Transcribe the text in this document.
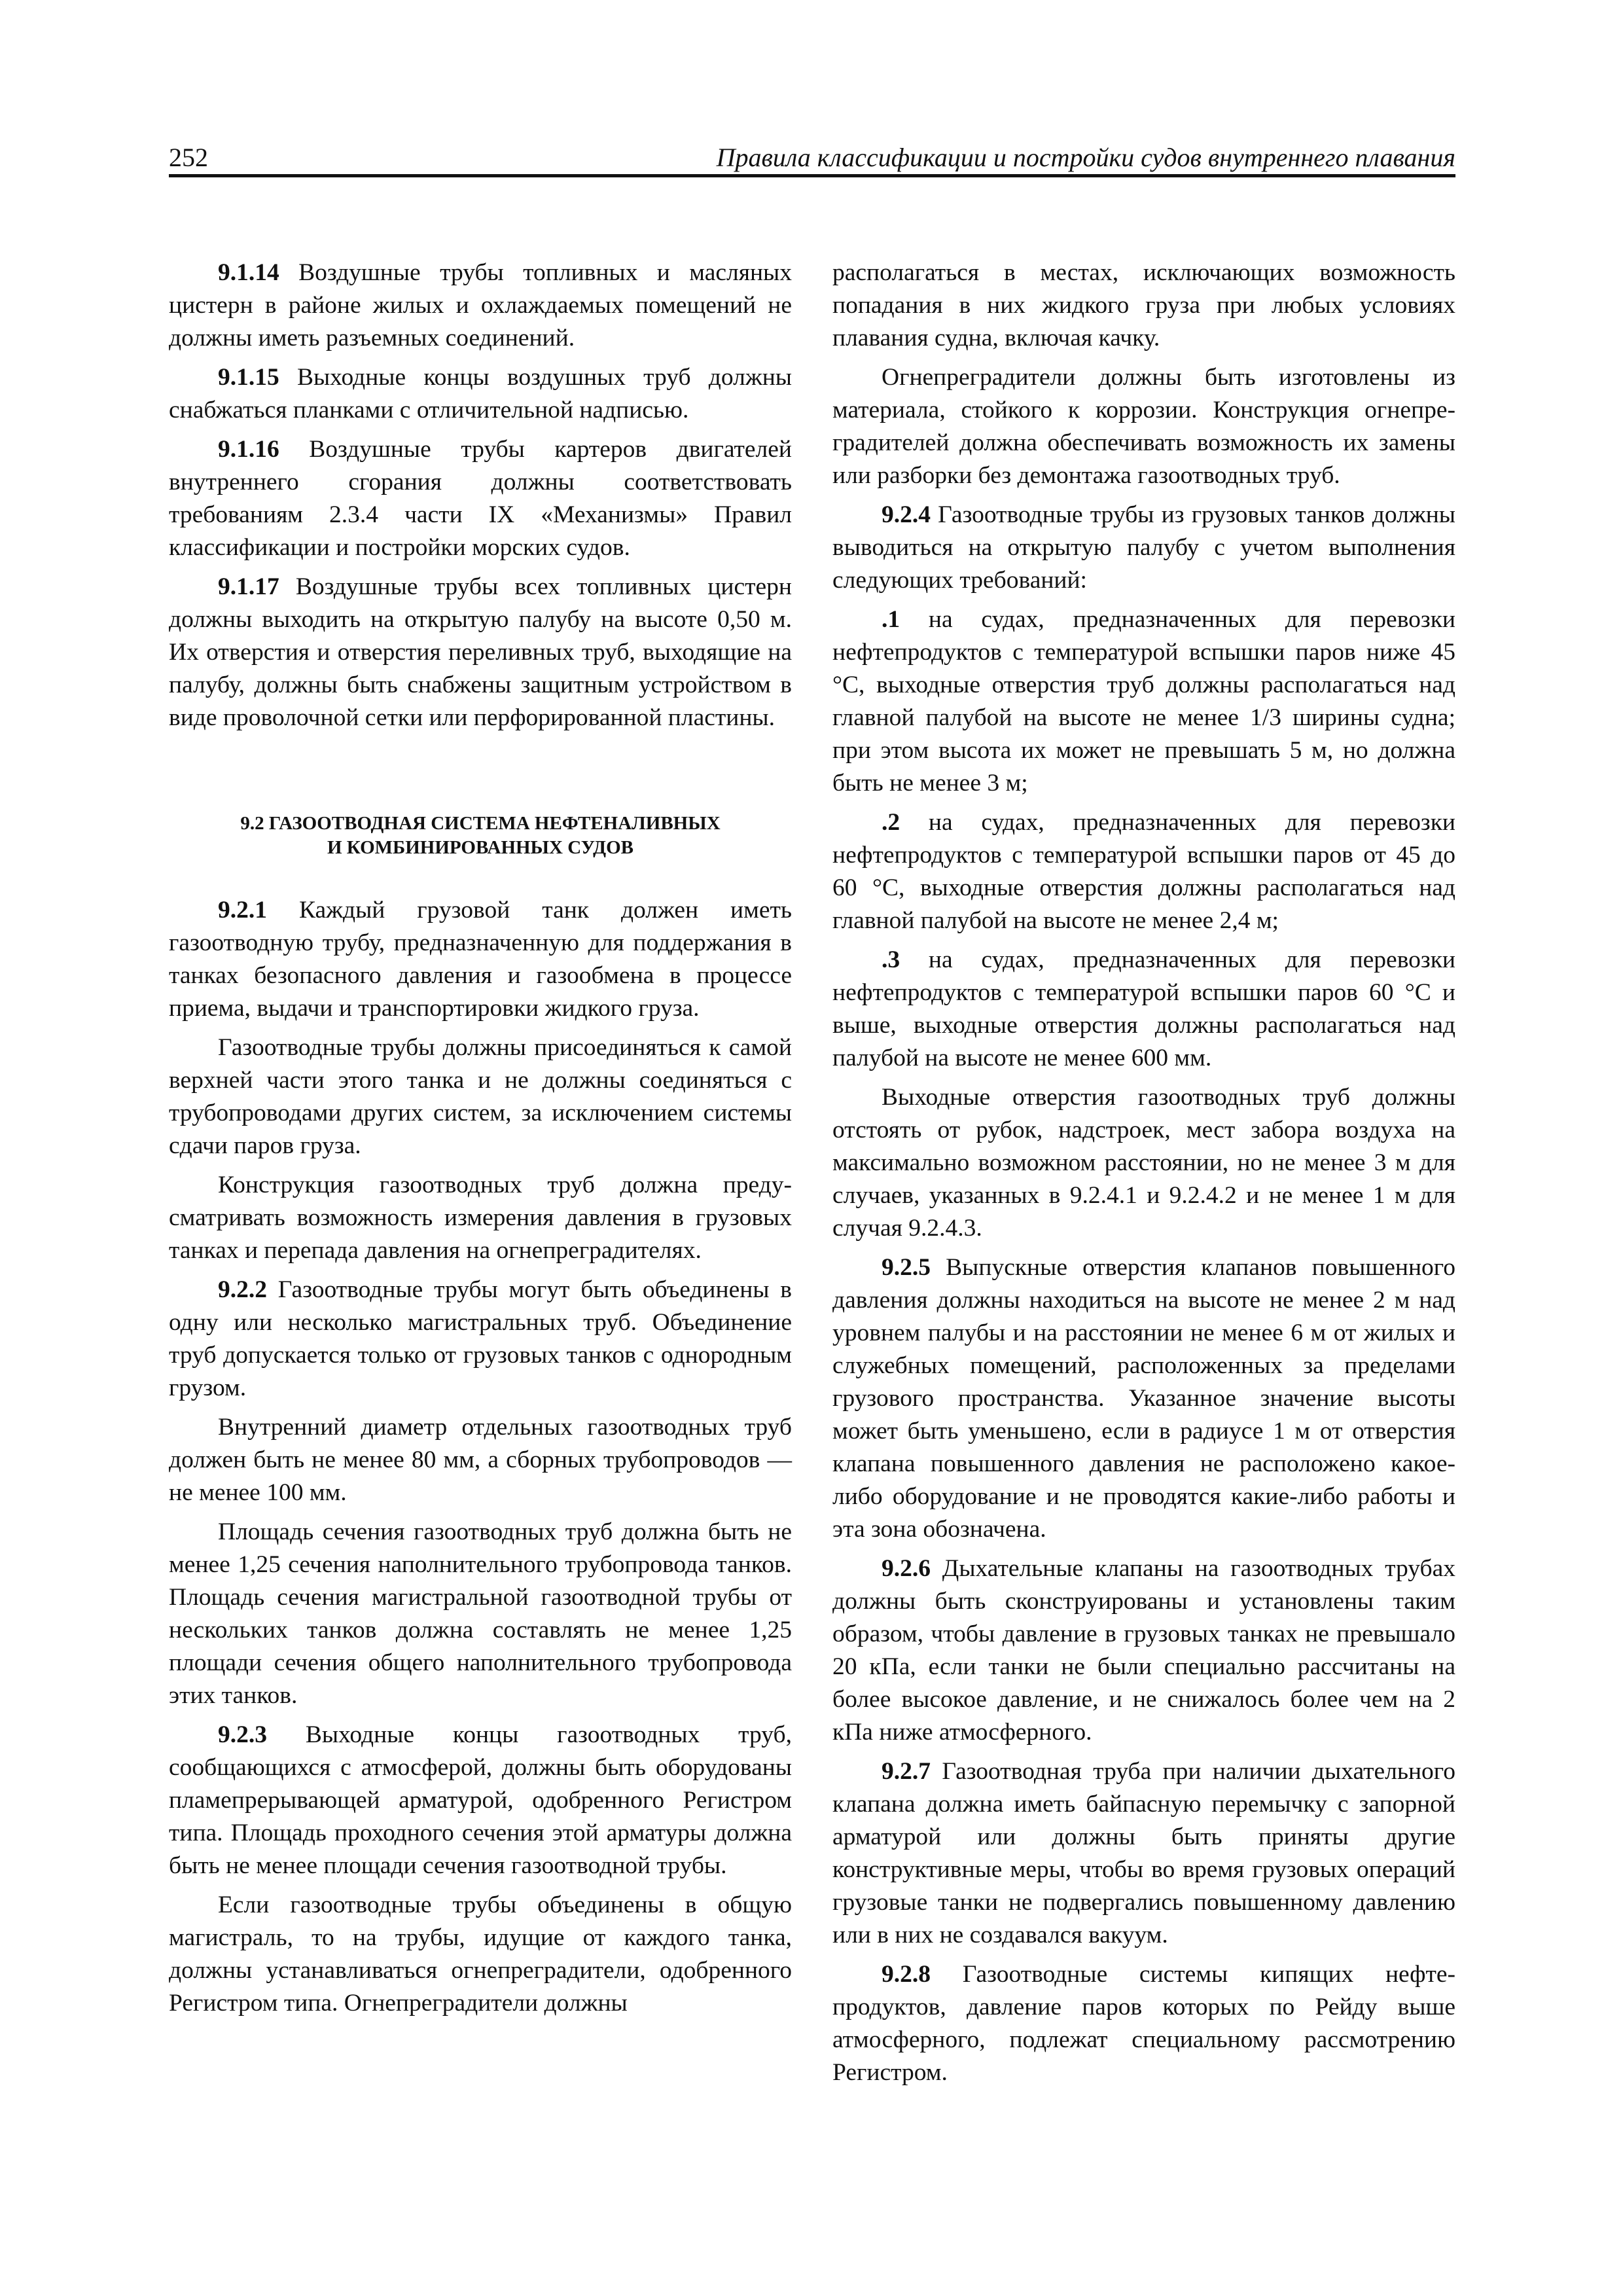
252	Правила классификации и постройки судов внутреннего плавания

9.1.14 Воздушные трубы топливных и масляных цистерн в районе жилых и охлаждаемых помещений не должны иметь разъемных соединений.

9.1.15 Выходные концы воздушных труб должны снабжаться планками с отличительной надписью.

9.1.16 Воздушные трубы картеров двигателей внутреннего сгорания должны соответствовать требованиям 2.3.4 части IX «Механизмы» Правил классификации и постройки морских судов.

9.1.17 Воздушные трубы всех топливных цистерн должны выходить на открытую палубу на высоте 0,50 м. Их отверстия и отверстия переливных труб, выходящие на палубу, должны быть снабжены защитным устройством в виде проволочной сетки или перфорированной пластины.

9.2 ГАЗООТВОДНАЯ СИСТЕМА НЕФТЕНАЛИВНЫХ
И КОМБИНИРОВАННЫХ СУДОВ

9.2.1 Каждый грузовой танк должен иметь газоотводную трубу, предназначенную для поддержания в танках безопасного давления и газообмена в процессе приема, выдачи и транспортировки жидкого груза.

Газоотводные трубы должны присоединяться к самой верхней части этого танка и не должны соединяться с трубопроводами других систем, за исключением системы сдачи паров груза.

Конструкция газоотводных труб должна предусматривать возможность измерения давления в грузовых танках и перепада давления на огнепреградителях.

9.2.2 Газоотводные трубы могут быть объединены в одну или несколько магистральных труб. Объединение труб допускается только от грузовых танков с однородным грузом.

Внутренний диаметр отдельных газоотводных труб должен быть не менее 80 мм, а сборных трубопроводов — не менее 100 мм.

Площадь сечения газоотводных труб должна быть не менее 1,25 сечения наполнительного трубопровода танков. Площадь сечения магистральной газоотводной трубы от нескольких танков должна составлять не менее 1,25 площади сечения общего наполнительного трубопровода этих танков.

9.2.3 Выходные концы газоотводных труб, сообщающихся с атмосферой, должны быть оборудованы пламепрерывающей арматурой, одобренного Регистром типа. Площадь проходного сечения этой арматуры должна быть не менее площади сечения газоотводной трубы.

Если газоотводные трубы объединены в общую магистраль, то на трубы, идущие от каждого танка, должны устанавливаться огнепреградители, одобренного Регистром типа. Огнепреградители должны

располагаться в местах, исключающих возможность попадания в них жидкого груза при любых условиях плавания судна, включая качку.

Огнепреградители должны быть изготовлены из материала, стойкого к коррозии. Конструкция огнепреградителей должна обеспечивать возможность их замены или разборки без демонтажа газоотводных труб.

9.2.4 Газоотводные трубы из грузовых танков должны выводиться на открытую палубу с учетом выполнения следующих требований:

.1 на судах, предназначенных для перевозки нефтепродуктов с температурой вспышки паров ниже 45 °С, выходные отверстия труб должны располагаться над главной палубой на высоте не менее 1/3 ширины судна; при этом высота их может не превышать 5 м, но должна быть не менее 3 м;

.2 на судах, предназначенных для перевозки нефтепродуктов с температурой вспышки паров от 45 до 60 °С, выходные отверстия должны располагаться над главной палубой на высоте не менее 2,4 м;

.3 на судах, предназначенных для перевозки нефтепродуктов с температурой вспышки паров 60 °С и выше, выходные отверстия должны располагаться над палубой на высоте не менее 600 мм.

Выходные отверстия газоотводных труб должны отстоять от рубок, надстроек, мест забора воздуха на максимально возможном расстоянии, но не менее 3 м для случаев, указанных в 9.2.4.1 и 9.2.4.2 и не менее 1 м для случая 9.2.4.3.

9.2.5 Выпускные отверстия клапанов повышенного давления должны находиться на высоте не менее 2 м над уровнем палубы и на расстоянии не менее 6 м от жилых и служебных помещений, расположенных за пределами грузового пространства. Указанное значение высоты может быть уменьшено, если в радиусе 1 м от отверстия клапана повышенного давления не расположено какое-либо оборудование и не проводятся какие-либо работы и эта зона обозначена.

9.2.6 Дыхательные клапаны на газоотводных трубах должны быть сконструированы и установлены таким образом, чтобы давление в грузовых танках не превышало 20 кПа, если танки не были специально рассчитаны на более высокое давление, и не снижалось более чем на 2 кПа ниже атмосферного.

9.2.7 Газоотводная труба при наличии дыхательного клапана должна иметь байпасную перемычку с запорной арматурой или должны быть приняты другие конструктивные меры, чтобы во время грузовых операций грузовые танки не подвергались повышенному давлению или в них не создавался вакуум.

9.2.8 Газоотводные системы кипящих нефтепродуктов, давление паров которых по Рейду выше атмосферного, подлежат специальному рассмотрению Регистром.
